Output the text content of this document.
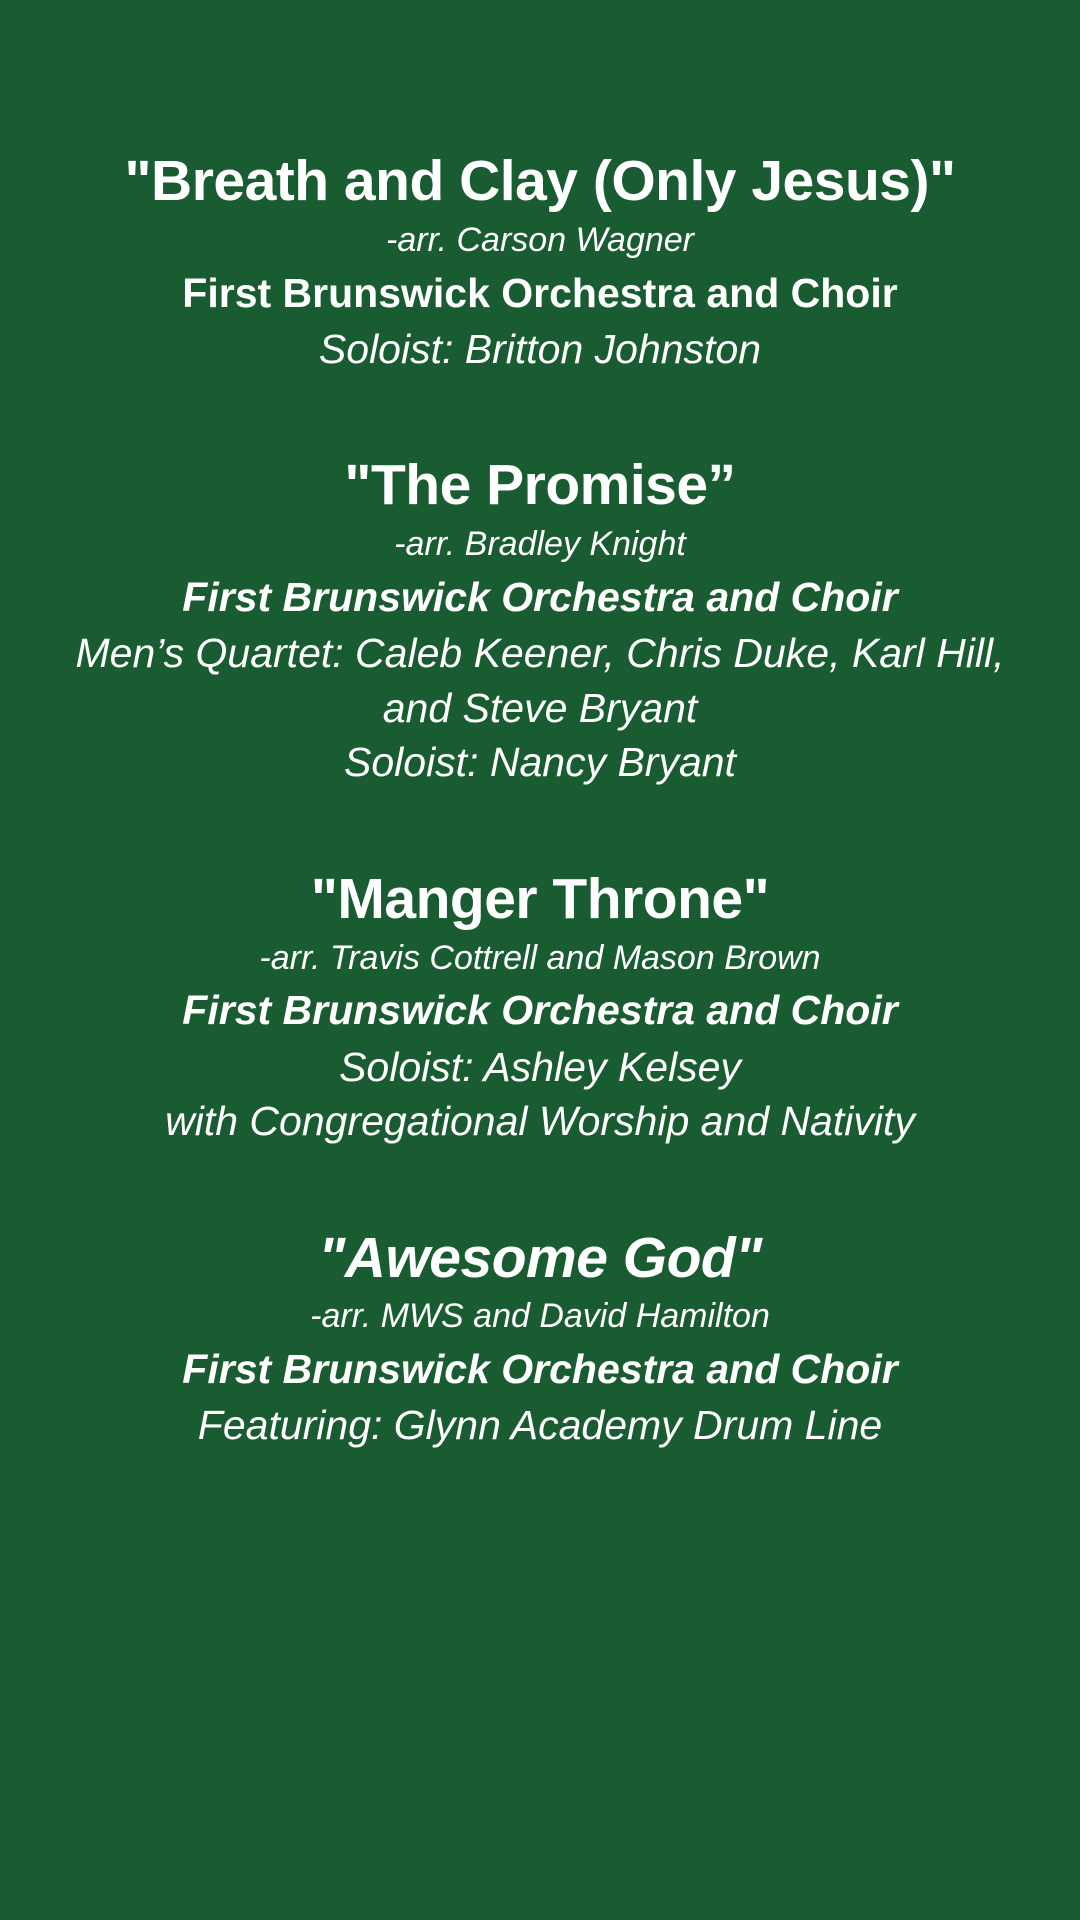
"Breath and Clay (Only Jesus)"
-arr. Carson Wagner
First Brunswick Orchestra and Choir
Soloist: Britton Johnston
"The Promise”
-arr. Bradley Knight
First Brunswick Orchestra and Choir
Men’s Quartet: Caleb Keener, Chris Duke, Karl Hill, and Steve Bryant
Soloist: Nancy Bryant
"Manger Throne"
-arr. Travis Cottrell and Mason Brown
First Brunswick Orchestra and Choir
Soloist: Ashley Kelsey
with Congregational Worship and Nativity
"Awesome God"
-arr. MWS and David Hamilton
First Brunswick Orchestra and Choir
Featuring: Glynn Academy Drum Line
